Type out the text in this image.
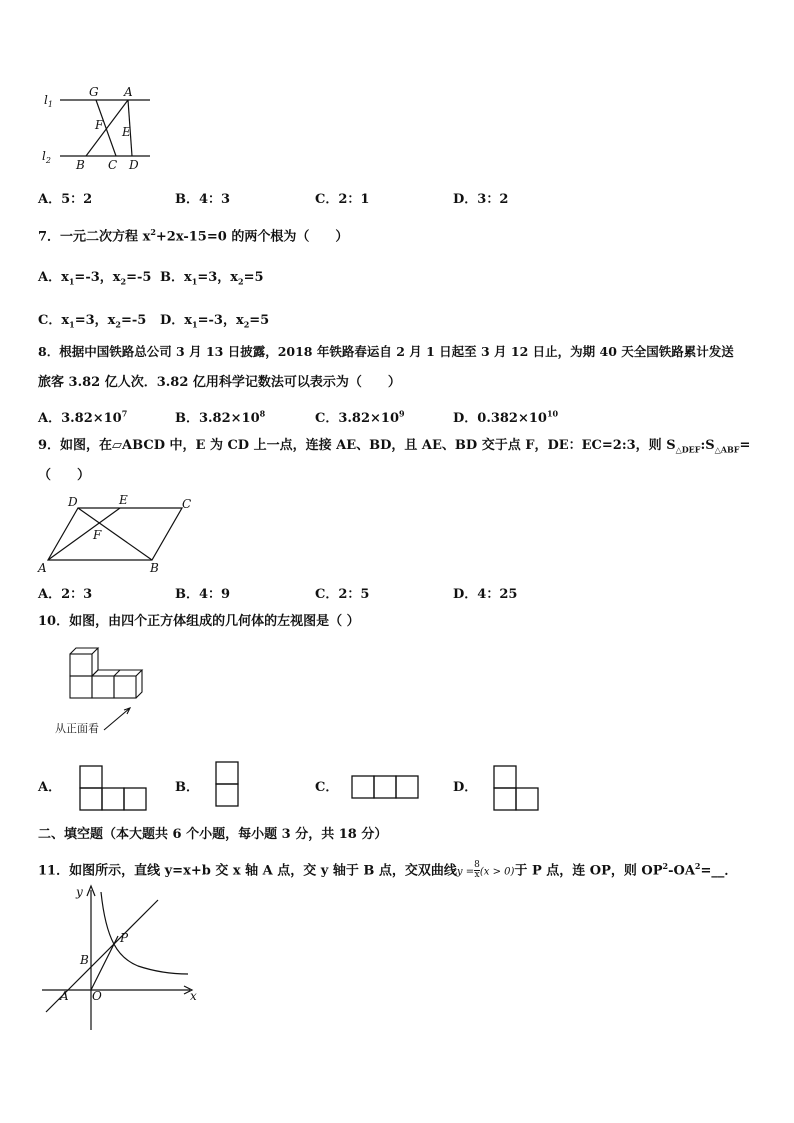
$l_1$
$l_2$
G A
F E
B C D
A．5：2	B．4：3	C．2：1	D．3：2
7．一元二次方程 $x^2+2x-15=0$ 的两个根为（　　）
A．$x_1=-3$，$x_2=-5$ B．$x_1=3$，$x_2=5$
C．$x_1=3$，$x_2=-5$ D．$x_1=-3$，$x_2=5$
8．根据中国铁路总公司 3 月 13 日披露，2018 年铁路春运自 2 月 1 日起至 3 月 12 日止，为期 40 天全国铁路累计发送
旅客 3.82 亿人次．3.82 亿用科学记数法可以表示为（　　）
A．$3.82\times 10^7$	B．$3.82\times 10^8$	C．$3.82\times 10^9$	D．$0.382\times 10^{10}$
9．如图，在▱ABCD 中，E 为 CD 上一点，连接 AE、BD，且 AE、BD 交于点 F，DE：EC=2:3，则 $S_{\triangle DEF}:S_{\triangle ABF}=$
（　　）
D	E	C
F
A	B
A．2：3	B．4：9	C．2：5	D．4：25
10．如图，由四个正方体组成的几何体的左视图是（ ）
从正面看
A．	B．	C．	D．
二、填空题（本大题共 6 个小题，每小题 3 分，共 18 分）
11．如图所示，直线 y=x+b 交 x 轴 A 点，交 y 轴于 B 点，交双曲线$y = \frac{8}{x} (x > 0)$于 P 点，连 OP，则 $OP^2-OA^2=\_\_$．
y
P
B
A O	x
